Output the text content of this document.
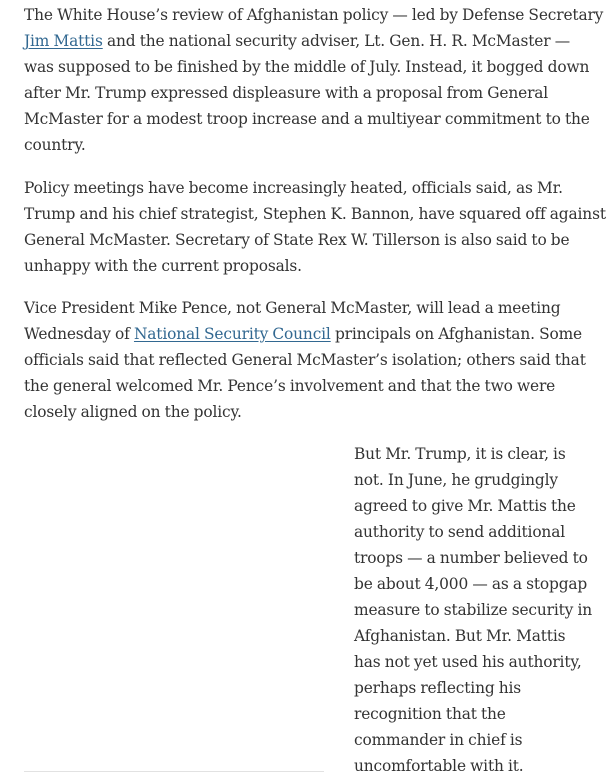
The White House’s review of Afghanistan policy — led by Defense Secretary
Jim Mattis and the national security adviser, Lt. Gen. H. R. McMaster —
was supposed to be finished by the middle of July. Instead, it bogged down
after Mr. Trump expressed displeasure with a proposal from General
McMaster for a modest troop increase and a multiyear commitment to the
country.

Policy meetings have become increasingly heated, officials said, as Mr.
Trump and his chief strategist, Stephen K. Bannon, have squared off against
General McMaster. Secretary of State Rex W. Tillerson is also said to be
unhappy with the current proposals.

Vice President Mike Pence, not General McMaster, will lead a meeting
Wednesday of National Security Council principals on Afghanistan. Some
officials said that reflected General McMaster’s isolation; others said that
the general welcomed Mr. Pence’s involvement and that the two were
closely aligned on the policy.

But Mr. Trump, it is clear, is
not. In June, he grudgingly
agreed to give Mr. Mattis the
authority to send additional
troops — a number believed to
be about 4,000 — as a stopgap
measure to stabilize security in
Afghanistan. But Mr. Mattis
has not yet used his authority,
perhaps reflecting his
recognition that the
commander in chief is
uncomfortable with it.
